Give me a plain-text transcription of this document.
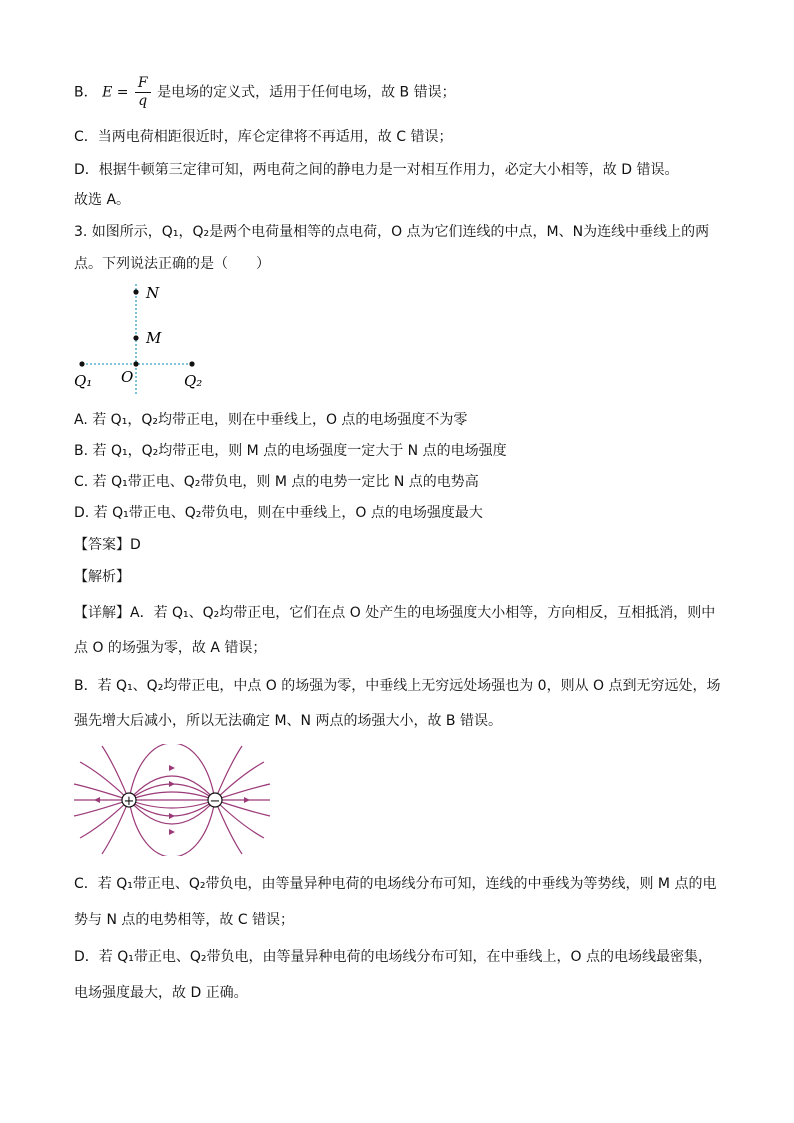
B． $E = \frac{F}{q}$ 是电场的定义式，适用于任何电场，故 B 错误；
C．当两电荷相距很近时，库仑定律将不再适用，故 C 错误；
D．根据牛顿第三定律可知，两电荷之间的静电力是一对相互作用力，必定大小相等，故 D 错误。
故选 A。
3. 如图所示，Q₁，Q₂是两个电荷量相等的点电荷，O 点为它们连线的中点，M、N为连线中垂线上的两
点。下列说法正确的是（　　）
N
M
O
Q₁	Q₂
A. 若 Q₁，Q₂均带正电，则在中垂线上，O 点的电场强度不为零
B. 若 Q₁，Q₂均带正电，则 M 点的电场强度一定大于 N 点的电场强度
C. 若 Q₁带正电、Q₂带负电，则 M 点的电势一定比 N 点的电势高
D. 若 Q₁带正电、Q₂带负电，则在中垂线上，O 点的电场强度最大
【答案】D
【解析】
【详解】A．若 Q₁、Q₂均带正电，它们在点 O 处产生的电场强度大小相等，方向相反，互相抵消，则中
点 O 的场强为零，故 A 错误；
B．若 Q₁、Q₂均带正电，中点 O 的场强为零，中垂线上无穷远处场强也为 0，则从 O 点到无穷远处，场
强先增大后减小，所以无法确定 M、N 两点的场强大小，故 B 错误。
+	−
C．若 Q₁带正电、Q₂带负电，由等量异种电荷的电场线分布可知，连线的中垂线为等势线，则 M 点的电
势与 N 点的电势相等，故 C 错误；
D．若 Q₁带正电、Q₂带负电，由等量异种电荷的电场线分布可知，在中垂线上，O 点的电场线最密集，
电场强度最大，故 D 正确。
